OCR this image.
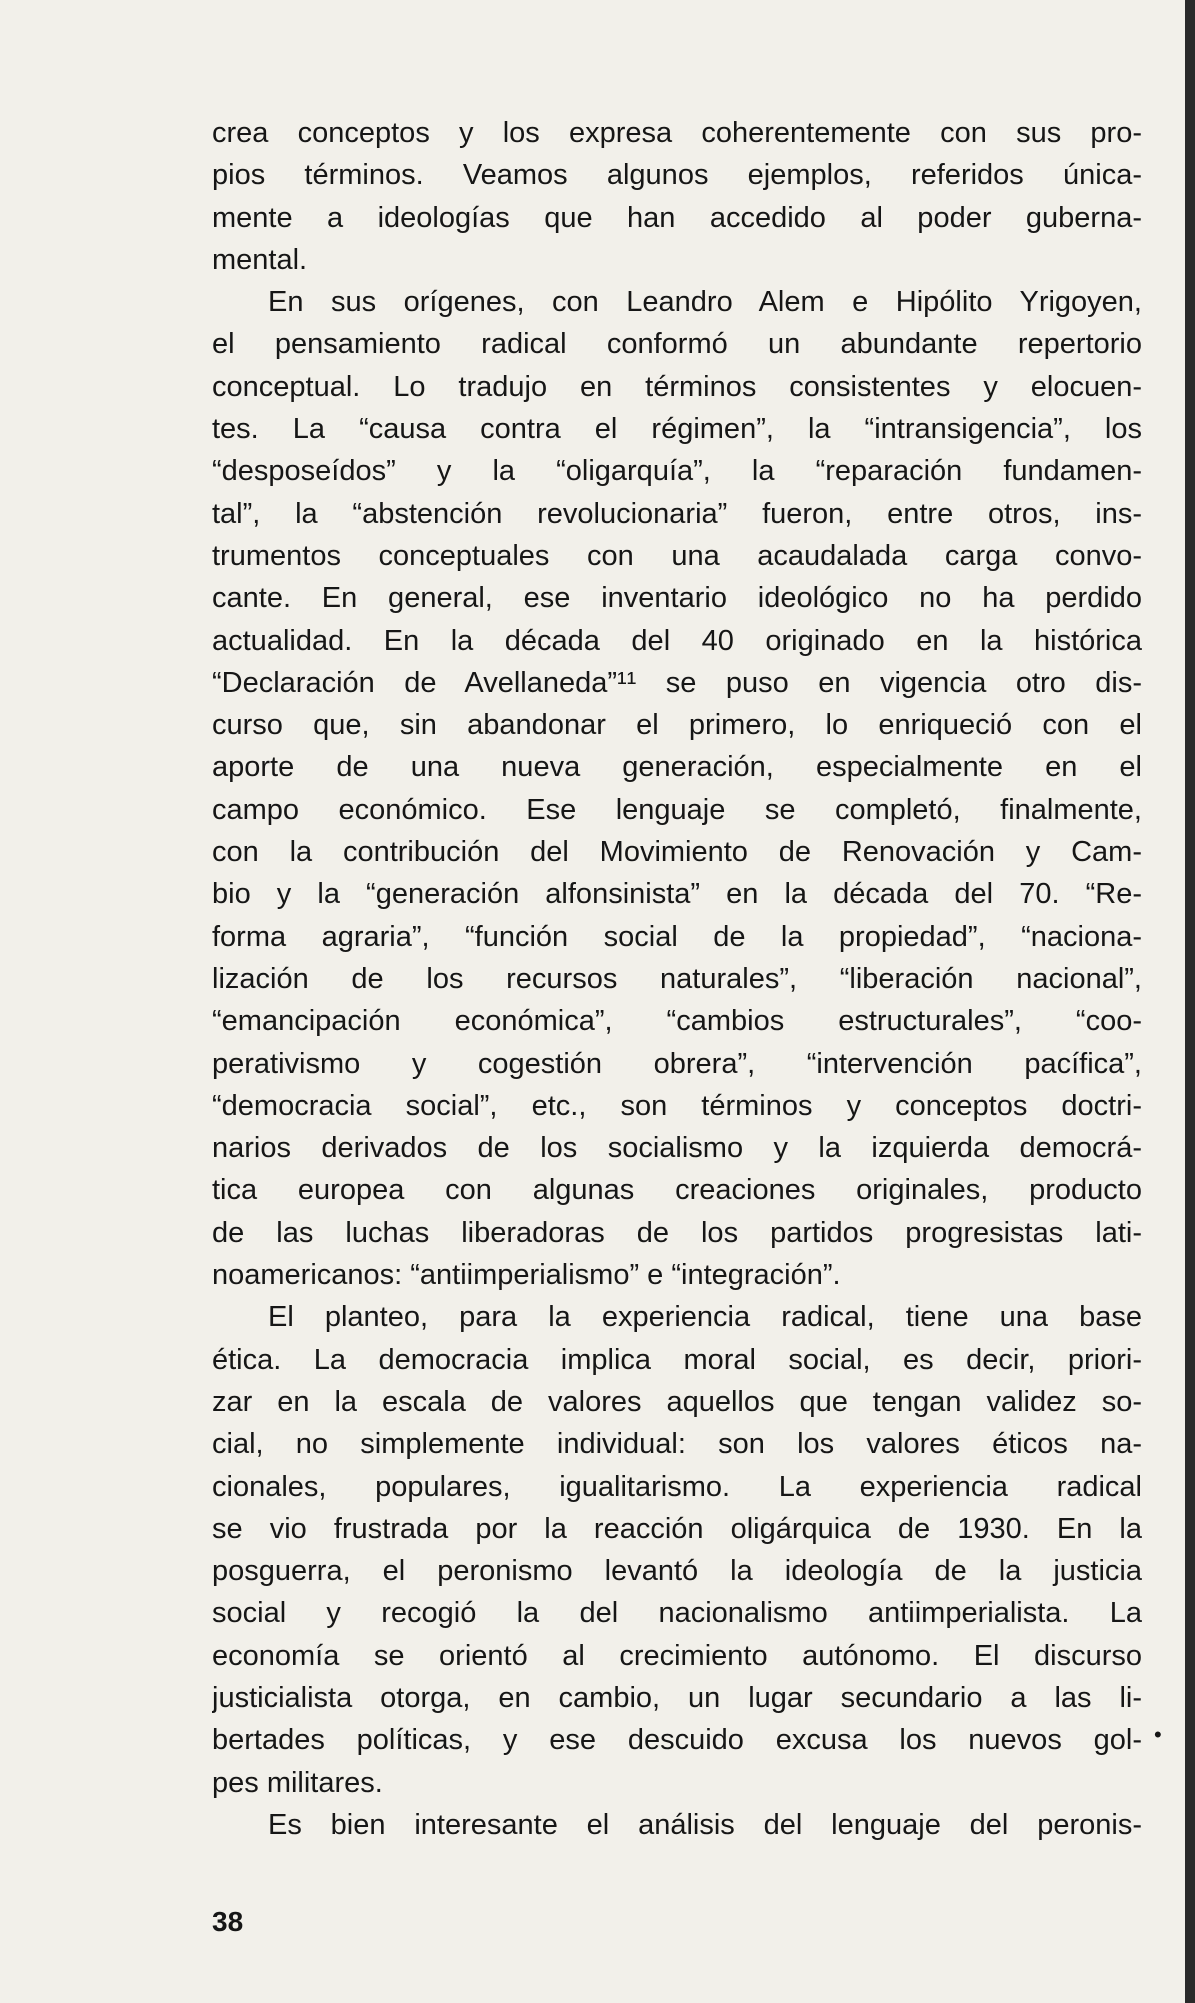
crea conceptos y los expresa coherentemente con sus pro-
pios términos. Veamos algunos ejemplos, referidos única-
mente a ideologías que han accedido al poder guberna-
mental.
En sus orígenes, con Leandro Alem e Hipólito Yrigoyen,
el pensamiento radical conformó un abundante repertorio
conceptual. Lo tradujo en términos consistentes y elocuen-
tes. La “causa contra el régimen”, la “intransigencia”, los
“desposeídos” y la “oligarquía”, la “reparación fundamen-
tal”, la “abstención revolucionaria” fueron, entre otros, ins-
trumentos conceptuales con una acaudalada carga convo-
cante. En general, ese inventario ideológico no ha perdido
actualidad. En la década del 40 originado en la histórica
“Declaración de Avellaneda”¹¹ se puso en vigencia otro dis-
curso que, sin abandonar el primero, lo enriqueció con el
aporte de una nueva generación, especialmente en el
campo económico. Ese lenguaje se completó, finalmente,
con la contribución del Movimiento de Renovación y Cam-
bio y la “generación alfonsinista” en la década del 70. “Re-
forma agraria”, “función social de la propiedad”, “naciona-
lización de los recursos naturales”, “liberación nacional”,
“emancipación económica”, “cambios estructurales”, “coo-
perativismo y cogestión obrera”, “intervención pacífica”,
“democracia social”, etc., son términos y conceptos doctri-
narios derivados de los socialismo y la izquierda democrá-
tica europea con algunas creaciones originales, producto
de las luchas liberadoras de los partidos progresistas lati-
noamericanos: “antiimperialismo” e “integración”.
El planteo, para la experiencia radical, tiene una base
ética. La democracia implica moral social, es decir, priori-
zar en la escala de valores aquellos que tengan validez so-
cial, no simplemente individual: son los valores éticos na-
cionales, populares, igualitarismo. La experiencia radical
se vio frustrada por la reacción oligárquica de 1930. En la
posguerra, el peronismo levantó la ideología de la justicia
social y recogió la del nacionalismo antiimperialista. La
economía se orientó al crecimiento autónomo. El discurso
justicialista otorga, en cambio, un lugar secundario a las li-
bertades políticas, y ese descuido excusa los nuevos gol-
pes militares.
Es bien interesante el análisis del lenguaje del peronis-
38
•
